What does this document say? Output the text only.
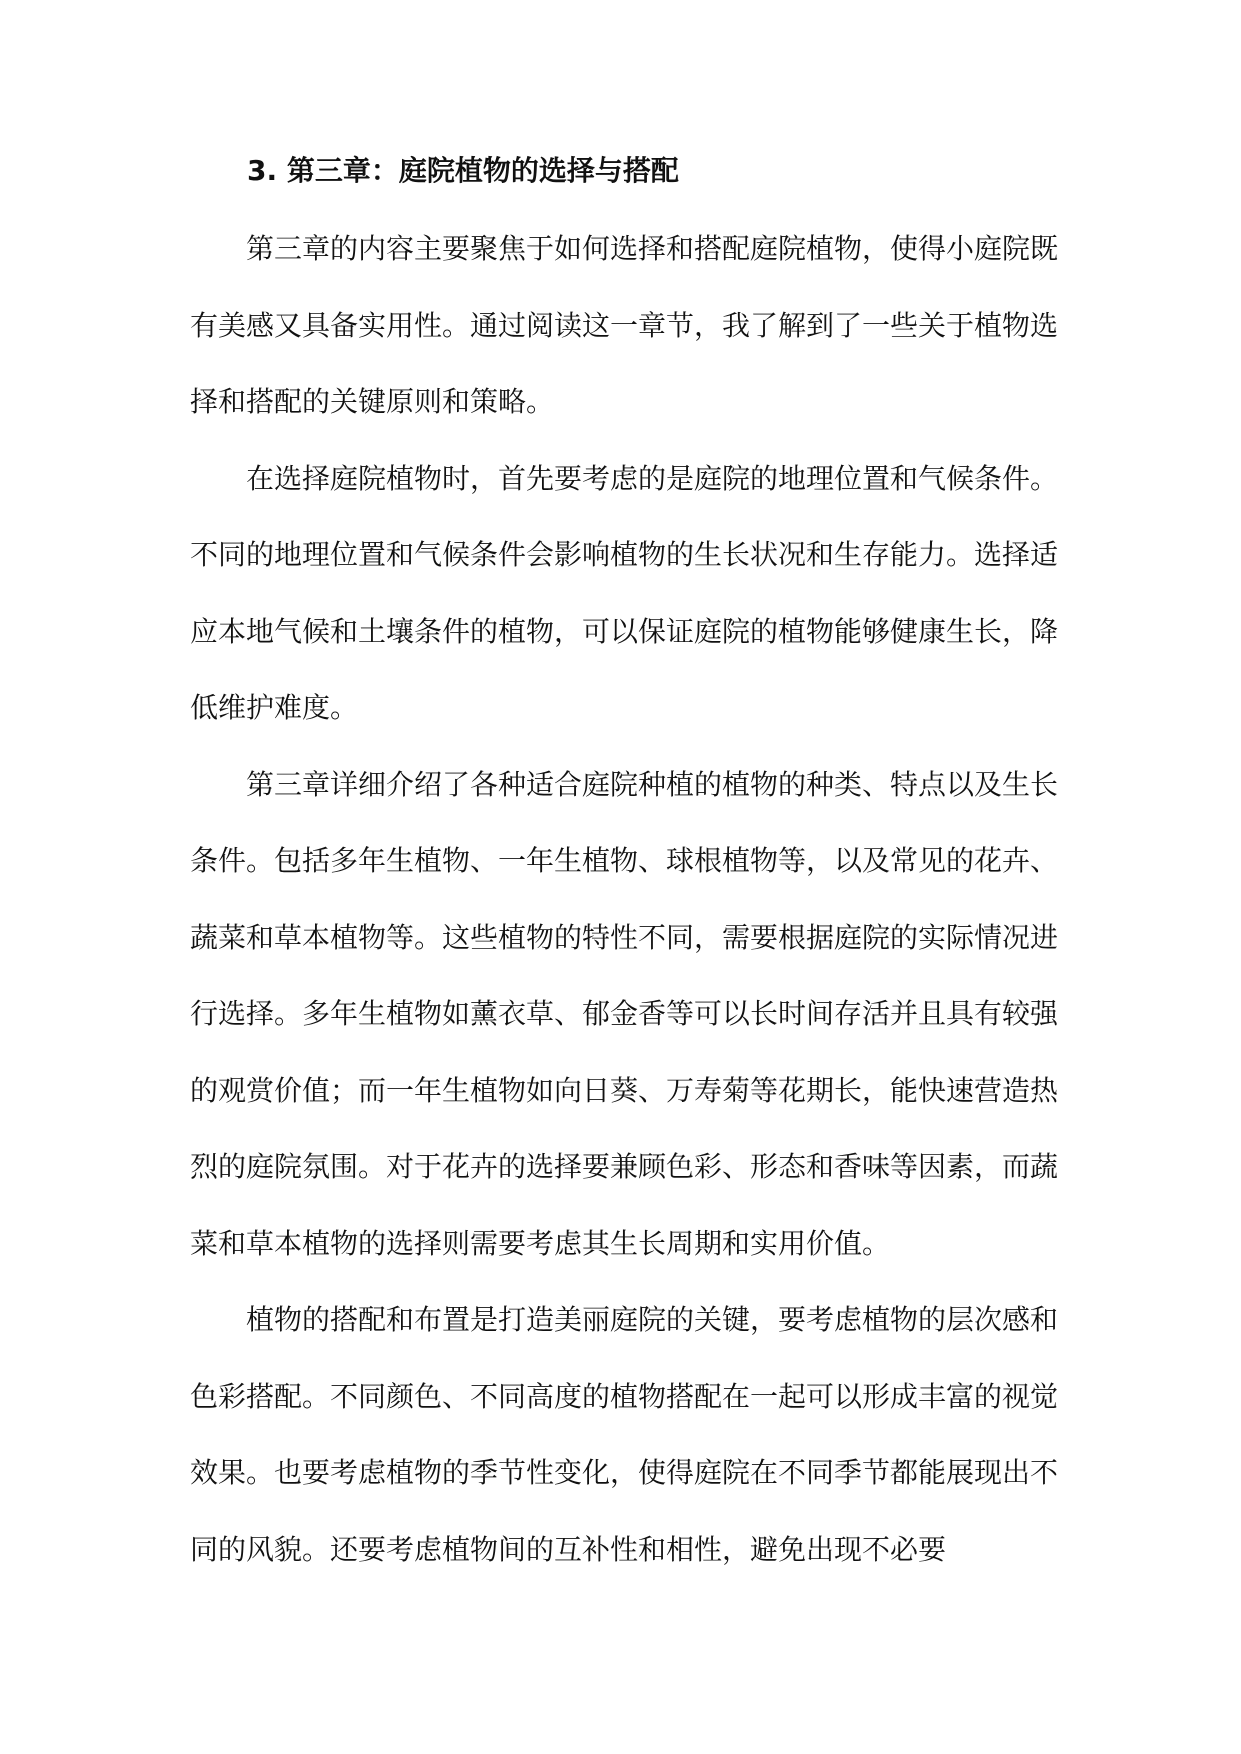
3. 第三章：庭院植物的选择与搭配

第三章的内容主要聚焦于如何选择和搭配庭院植物，使得小庭院既有美感又具备实用性。通过阅读这一章节，我了解到了一些关于植物选择和搭配的关键原则和策略。

在选择庭院植物时，首先要考虑的是庭院的地理位置和气候条件。不同的地理位置和气候条件会影响植物的生长状况和生存能力。选择适应本地气候和土壤条件的植物，可以保证庭院的植物能够健康生长，降低维护难度。

第三章详细介绍了各种适合庭院种植的植物的种类、特点以及生长条件。包括多年生植物、一年生植物、球根植物等，以及常见的花卉、蔬菜和草本植物等。这些植物的特性不同，需要根据庭院的实际情况进行选择。多年生植物如薰衣草、郁金香等可以长时间存活并且具有较强的观赏价值；而一年生植物如向日葵、万寿菊等花期长，能快速营造热烈的庭院氛围。对于花卉的选择要兼顾色彩、形态和香味等因素，而蔬菜和草本植物的选择则需要考虑其生长周期和实用价值。

植物的搭配和布置是打造美丽庭院的关键，要考虑植物的层次感和色彩搭配。不同颜色、不同高度的植物搭配在一起可以形成丰富的视觉效果。也要考虑植物的季节性变化，使得庭院在不同季节都能展现出不同的风貌。还要考虑植物间的互补性和相性，避免出现不必要
